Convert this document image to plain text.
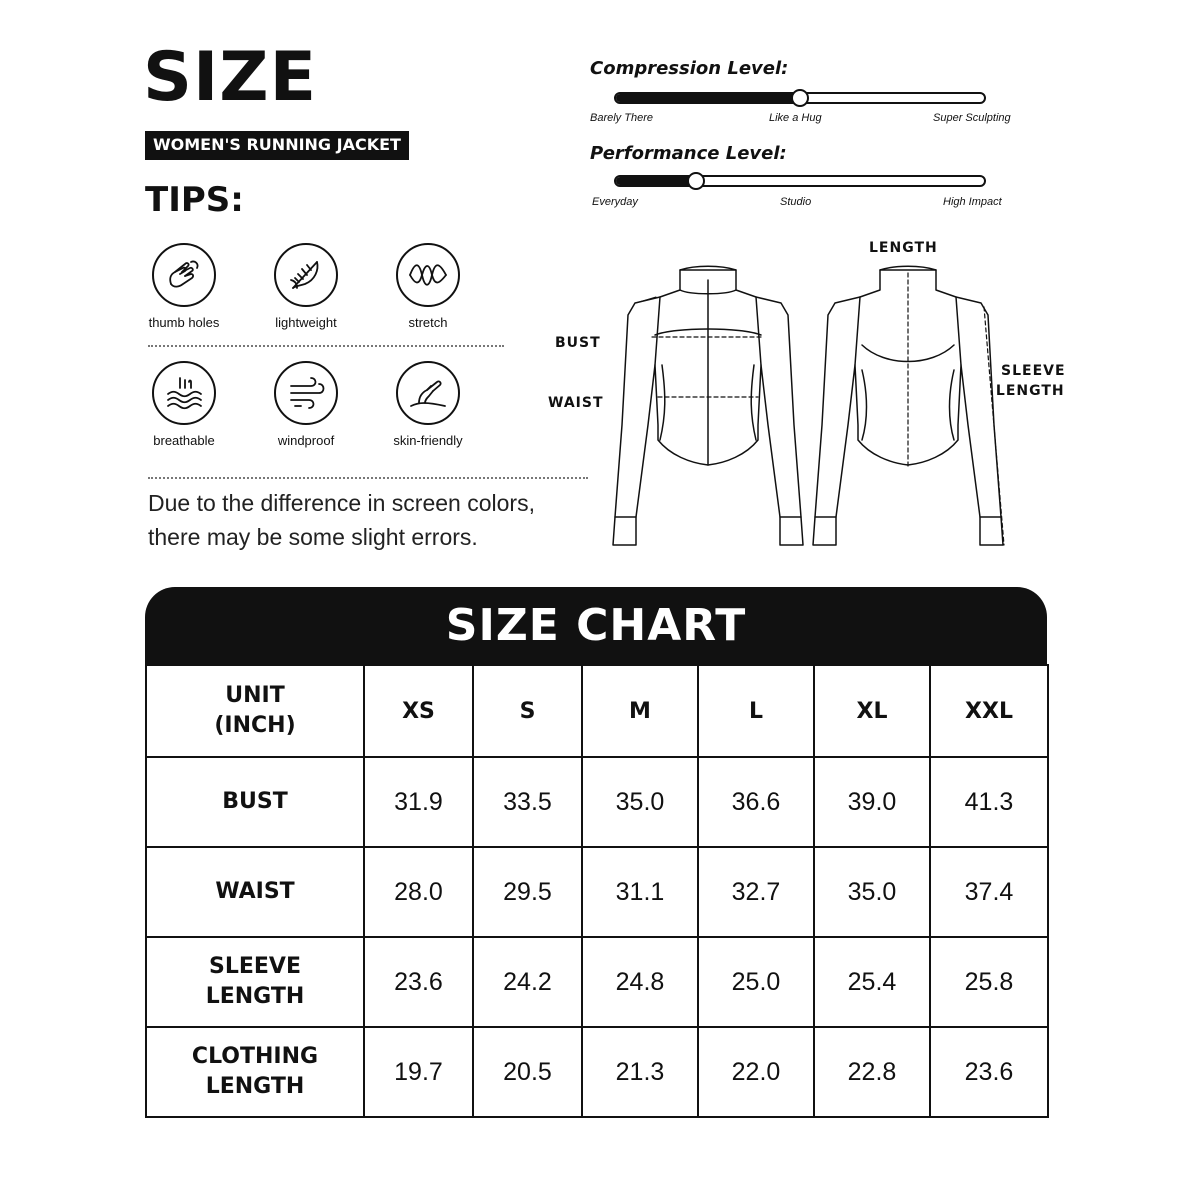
SIZE
WOMEN'S RUNNING JACKET
TIPS:
thumb holes	lightweight	stretch
breathable	windproof	skin-friendly
Due to the difference in screen colors,
there may be some slight errors.
Compression Level:
Barely There	Like a Hug	Super Sculpting
Performance Level:
Everyday	Studio	High Impact
LENGTH
BUST
WAIST
SLEEVE
LENGTH
SIZE CHART
UNIT
(INCH)	XS	S	M	L	XL	XXL

BUST	31.9	33.5	35.0	36.6	39.0	41.3

WAIST	28.0	29.5	31.1	32.7	35.0	37.4

SLEEVE
LENGTH	23.6	24.2	24.8	25.0	25.4	25.8

CLOTHING
LENGTH	19.7	20.5	21.3	22.0	22.8	23.6
